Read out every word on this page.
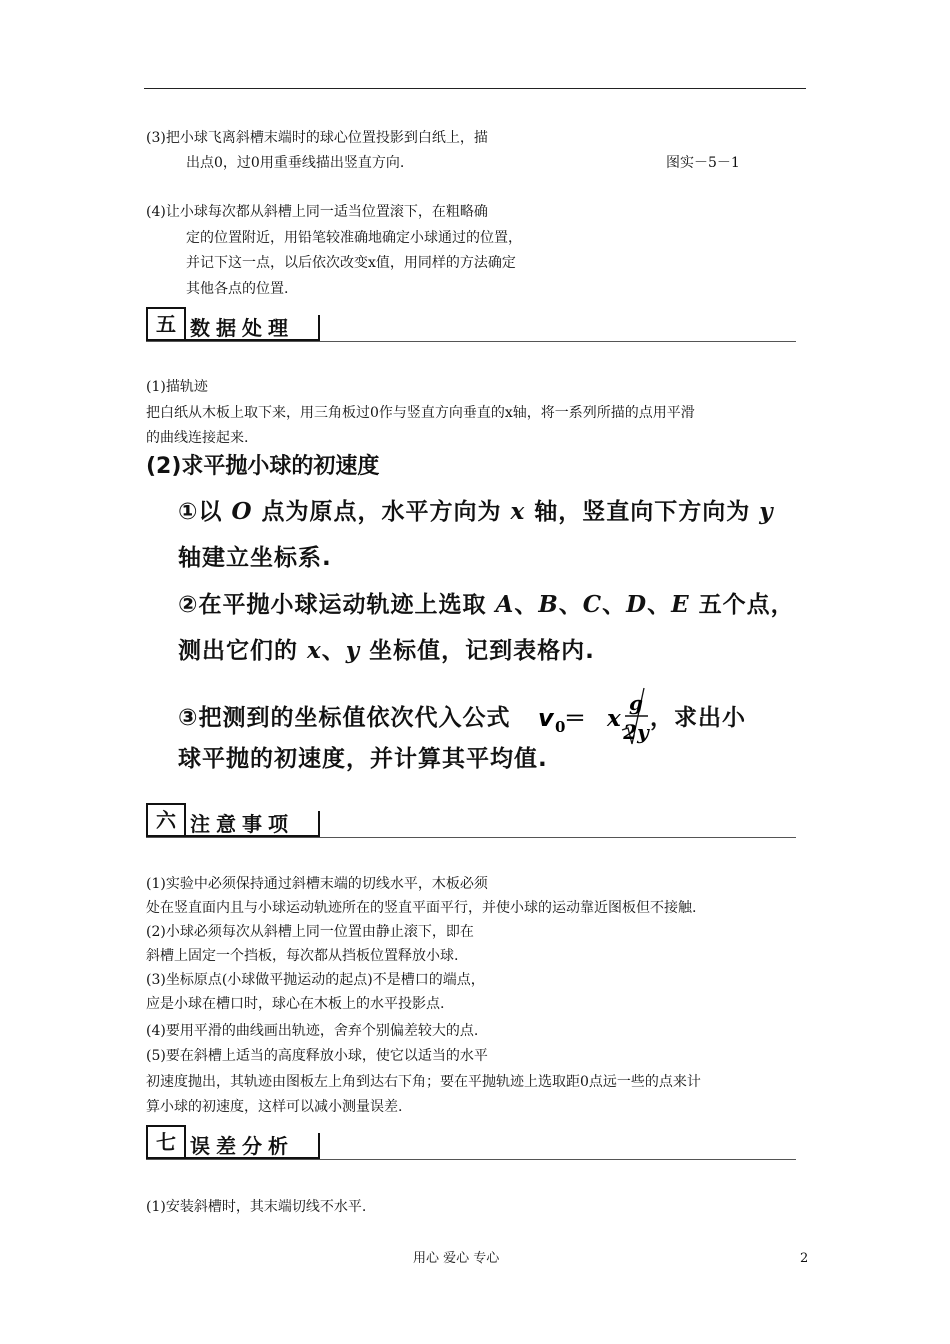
(3)把小球飞离斜槽末端时的球心位置投影到白纸上，描
出点0，过0用重垂线描出竖直方向.	图实－5－1
(4)让小球每次都从斜槽上同一适当位置滚下，在粗略确
定的位置附近，用铅笔较准确地确定小球通过的位置，
并记下这一点，以后依次改变x值，用同样的方法确定
其他各点的位置.
五 数据处理
(1)描轨迹
把白纸从木板上取下来，用三角板过0作与竖直方向垂直的x轴，将一系列所描的点用平滑
的曲线连接起来.
(2)求平抛小球的初速度
①以 O 点为原点，水平方向为 x 轴，竖直向下方向为 y
轴建立坐标系.
②在平抛小球运动轨迹上选取 A、B、C、D、E 五个点，
测出它们的 x、y 坐标值，记到表格内.
③把测到的坐标值依次代入公式 v 0
＝ x
g
2y
，求出小
球平抛的初速度，并计算其平均值.
六 注意事项
(1)实验中必须保持通过斜槽末端的切线水平，木板必须
处在竖直面内且与小球运动轨迹所在的竖直平面平行，并使小球的运动靠近图板但不接触.
(2)小球必须每次从斜槽上同一位置由静止滚下，即在
斜槽上固定一个挡板，每次都从挡板位置释放小球.
(3)坐标原点(小球做平抛运动的起点)不是槽口的端点，
应是小球在槽口时，球心在木板上的水平投影点.
(4)要用平滑的曲线画出轨迹，舍弃个别偏差较大的点.
(5)要在斜槽上适当的高度释放小球，使它以适当的水平
初速度抛出，其轨迹由图板左上角到达右下角；要在平抛轨迹上选取距0点远一些的点来计
算小球的初速度，这样可以减小测量误差.
七 误差分析
(1)安装斜槽时，其末端切线不水平.
用心 爱心 专心	2
